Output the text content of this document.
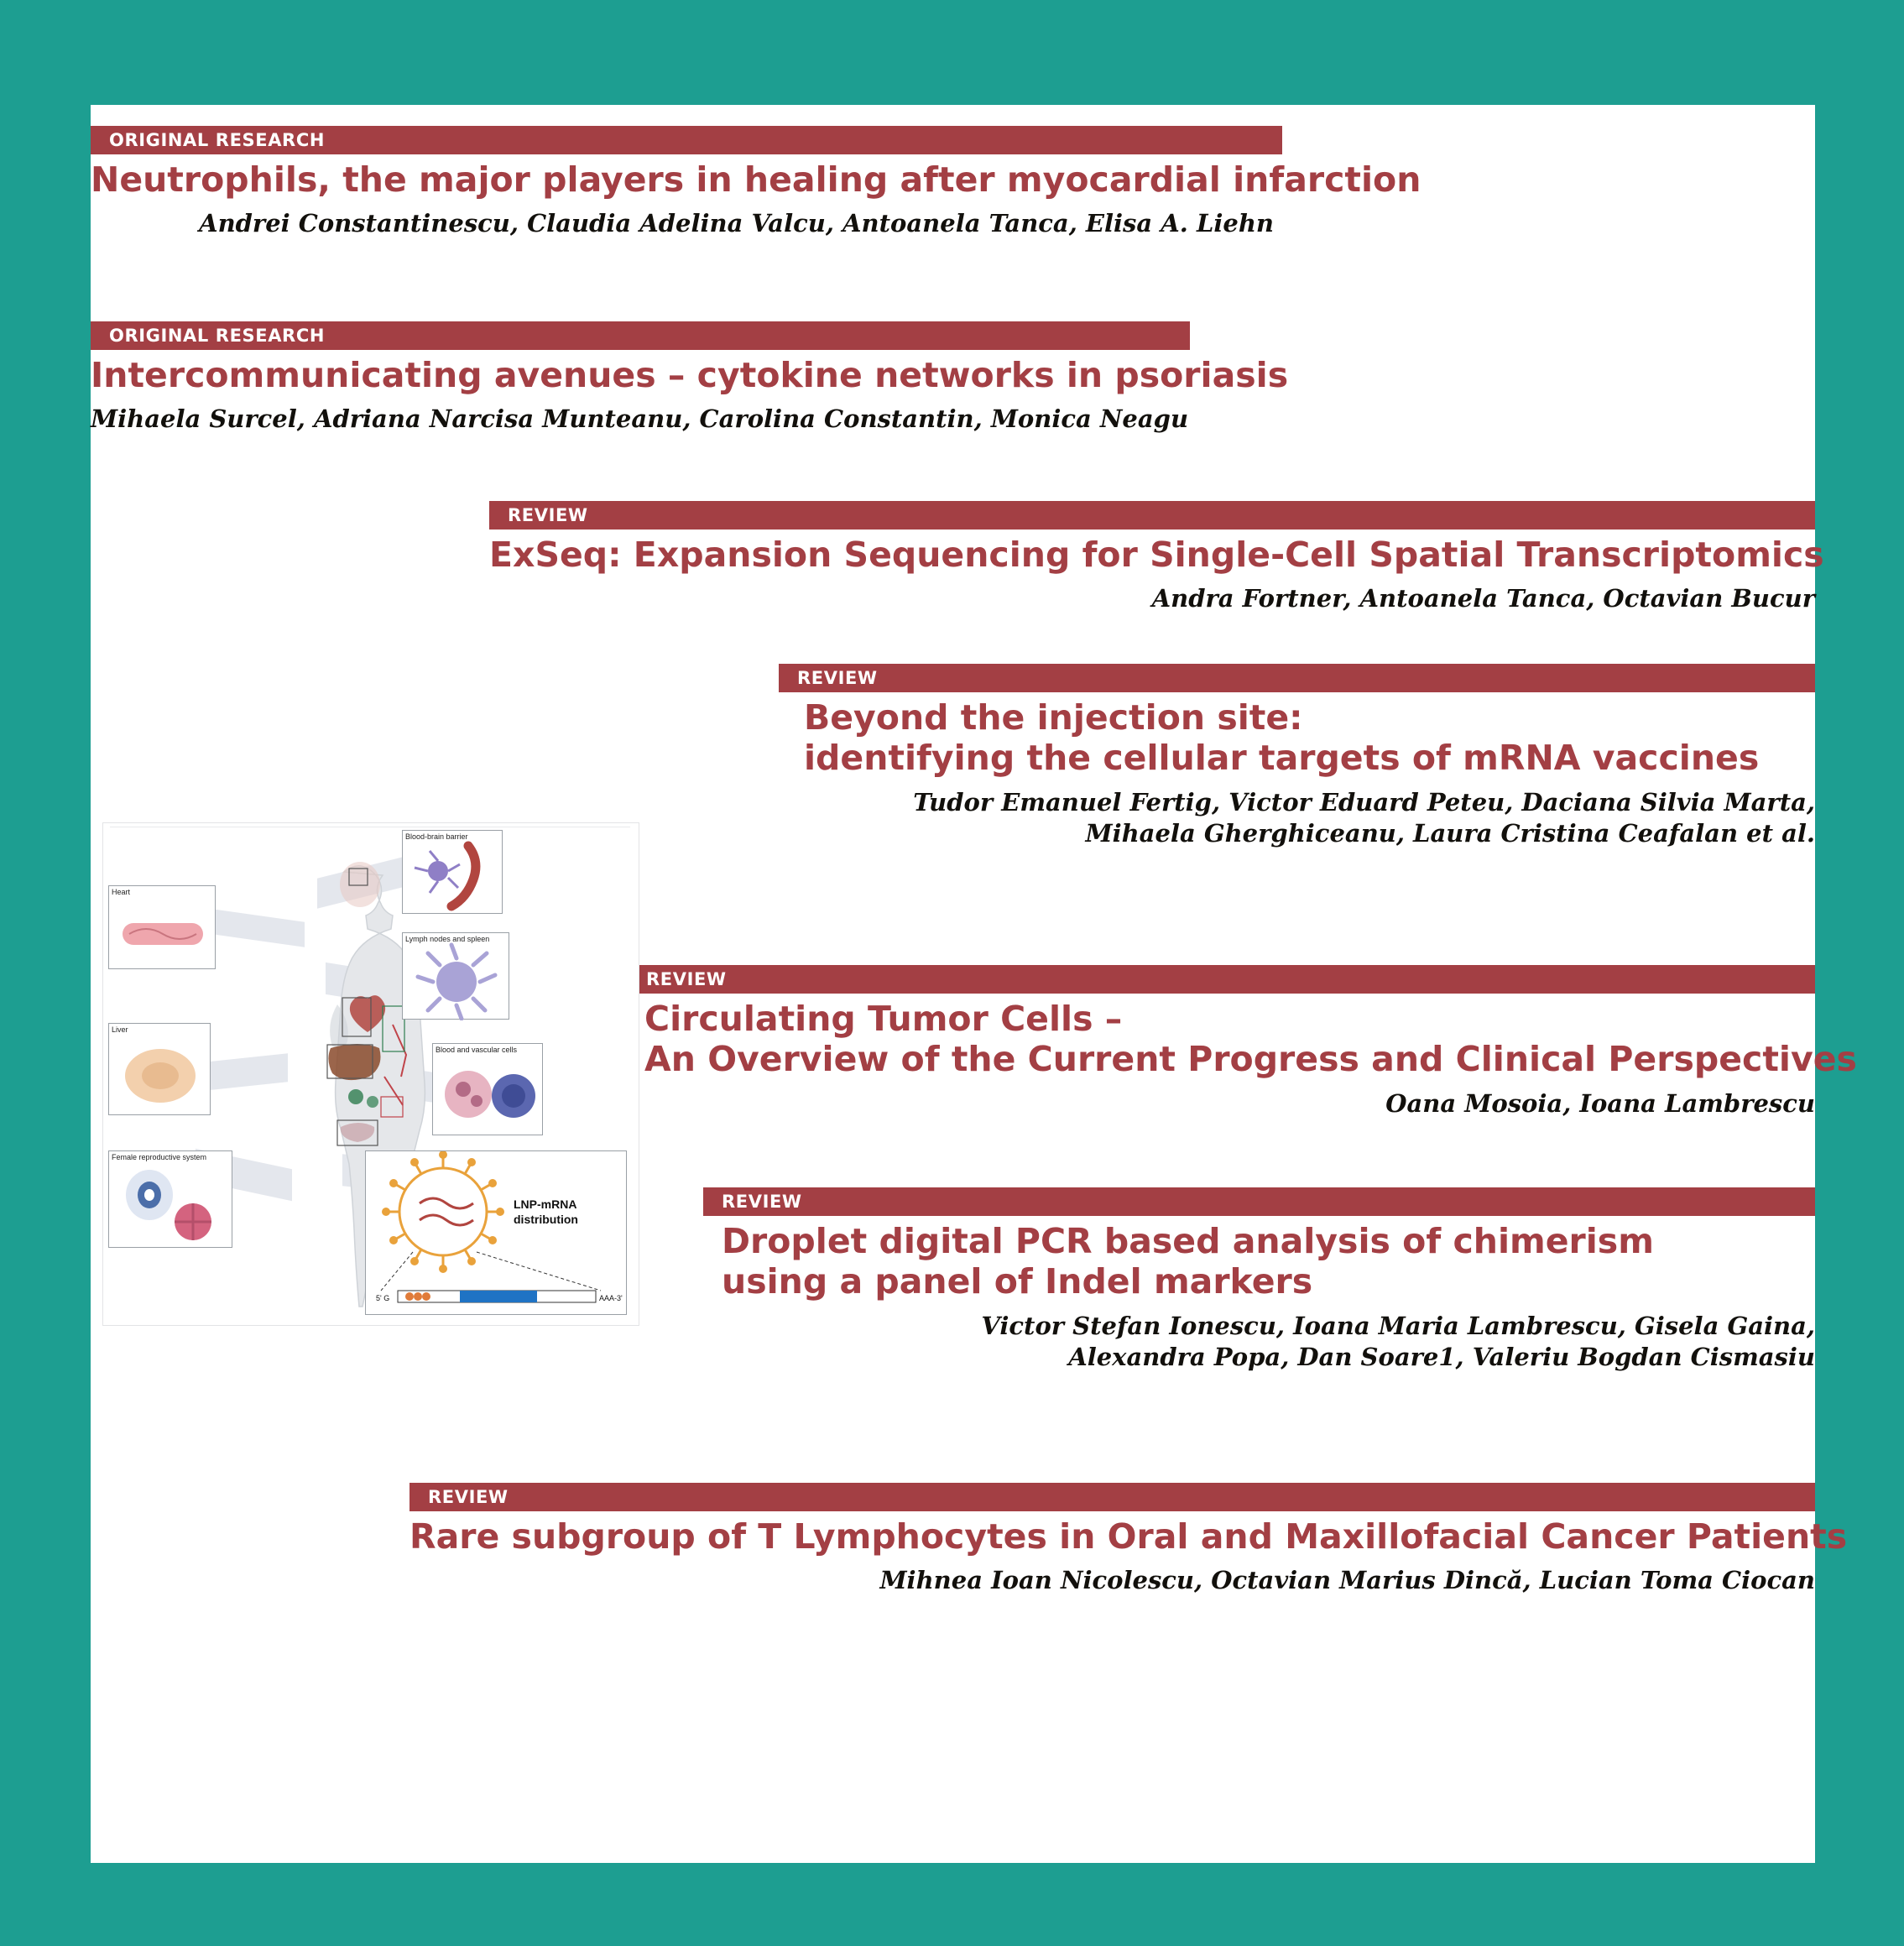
ORIGINAL RESEARCH
Neutrophils, the major players in healing after myocardial infarction
Andrei Constantinescu, Claudia Adelina Valcu, Antoanela Tanca, Elisa A. Liehn
ORIGINAL RESEARCH
Intercommunicating avenues – cytokine networks in psoriasis
Mihaela Surcel, Adriana Narcisa Munteanu, Carolina Constantin, Monica Neagu
REVIEW
ExSeq: Expansion Sequencing for Single-Cell Spatial Transcriptomics
Andra Fortner, Antoanela Tanca, Octavian Bucur
REVIEW
Beyond the injection site:
identifying the cellular targets of mRNA vaccines
Tudor Emanuel Fertig, Victor Eduard Peteu, Daciana Silvia Marta,
Mihaela Gherghiceanu, Laura Cristina Ceafalan et al.
REVIEW
Circulating Tumor Cells –
An Overview of the Current Progress and Clinical Perspectives
Oana Mosoia, Ioana Lambrescu
REVIEW
Droplet digital PCR based analysis of chimerism
using a panel of Indel markers
Victor Stefan Ionescu, Ioana Maria Lambrescu, Gisela Gaina,
Alexandra Popa, Dan Soare1, Valeriu Bogdan Cismasiu
REVIEW
Rare subgroup of T Lymphocytes in Oral and Maxillofacial Cancer Patients
Mihnea Ioan Nicolescu, Octavian Marius Dincă, Lucian Toma Ciocan
Blood-brain barrier
Heart
Lymph nodes and spleen
Liver
Blood and vascular cells
Female reproductive system
LNP-mRNA
distribution
5' G	AAA-3'
